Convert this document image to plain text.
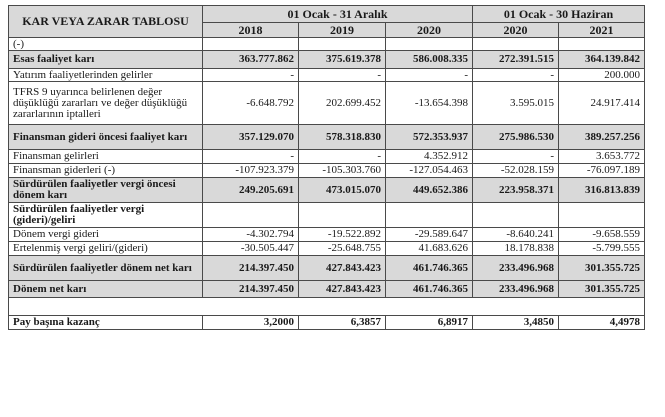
KAR VEYA ZARAR TABLOSU	01 Ocak - 31 Aralık			01 Ocak - 30 Haziran	
	2018	2019	2020	2020	2021
(-)					
Esas faaliyet karı	363.777.862	375.619.378	586.008.335	272.391.515	364.139.842
Yatırım faaliyetlerinden gelirler	-	-	-	-	200.000
TFRS 9 uyarınca belirlenen değer düşüklüğü zararları ve değer düşüklüğü zararlarının iptalleri	-6.648.792	202.699.452	-13.654.398	3.595.015	24.917.414
Finansman gideri öncesi faaliyet karı	357.129.070	578.318.830	572.353.937	275.986.530	389.257.256
Finansman gelirleri	-	-	4.352.912	-	3.653.772
Finansman giderleri (-)	-107.923.379	-105.303.760	-127.054.463	-52.028.159	-76.097.189
Sürdürülen faaliyetler vergi öncesi dönem karı	249.205.691	473.015.070	449.652.386	223.958.371	316.813.839
Sürdürülen faaliyetler vergi (gideri)/geliri					
Dönem vergi gideri	-4.302.794	-19.522.892	-29.589.647	-8.640.241	-9.658.559
Ertelenmiş vergi geliri/(gideri)	-30.505.447	-25.648.755	41.683.626	18.178.838	-5.799.555
Sürdürülen faaliyetler dönem net karı	214.397.450	427.843.423	461.746.365	233.496.968	301.355.725
Dönem net karı	214.397.450	427.843.423	461.746.365	233.496.968	301.355.725

Pay başına kazanç	3,2000	6,3857	6,8917	3,4850	4,4978
